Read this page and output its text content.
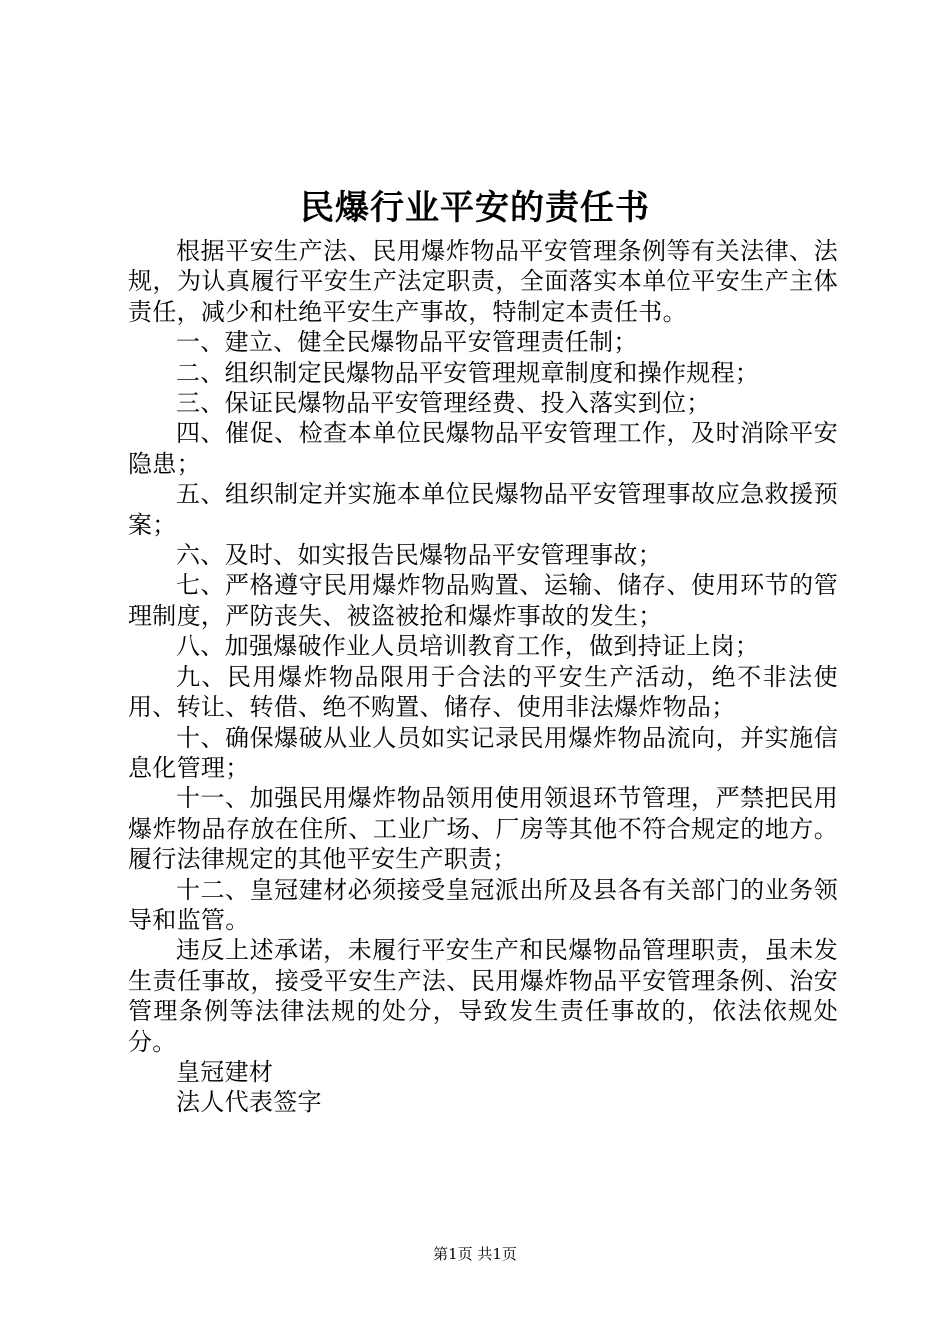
民爆行业平安的责任书

根据平安生产法、民用爆炸物品平安管理条例等有关法律、法规，为认真履行平安生产法定职责，全面落实本单位平安生产主体责任，减少和杜绝平安生产事故，特制定本责任书。

一、建立、健全民爆物品平安管理责任制；

二、组织制定民爆物品平安管理规章制度和操作规程；

三、保证民爆物品平安管理经费、投入落实到位；

四、催促、检查本单位民爆物品平安管理工作，及时消除平安隐患；

五、组织制定并实施本单位民爆物品平安管理事故应急救援预案；

六、及时、如实报告民爆物品平安管理事故；

七、严格遵守民用爆炸物品购置、运输、储存、使用环节的管理制度，严防丧失、被盗被抢和爆炸事故的发生；

八、加强爆破作业人员培训教育工作，做到持证上岗；

九、民用爆炸物品限用于合法的平安生产活动，绝不非法使用、转让、转借、绝不购置、储存、使用非法爆炸物品；

十、确保爆破从业人员如实记录民用爆炸物品流向，并实施信息化管理；

十一、加强民用爆炸物品领用使用领退环节管理，严禁把民用爆炸物品存放在住所、工业广场、厂房等其他不符合规定的地方。履行法律规定的其他平安生产职责；

十二、皇冠建材必须接受皇冠派出所及县各有关部门的业务领导和监管。

违反上述承诺，未履行平安生产和民爆物品管理职责，虽未发生责任事故，接受平安生产法、民用爆炸物品平安管理条例、治安管理条例等法律法规的处分，导致发生责任事故的，依法依规处分。

皇冠建材

法人代表签字

第1页 共1页
